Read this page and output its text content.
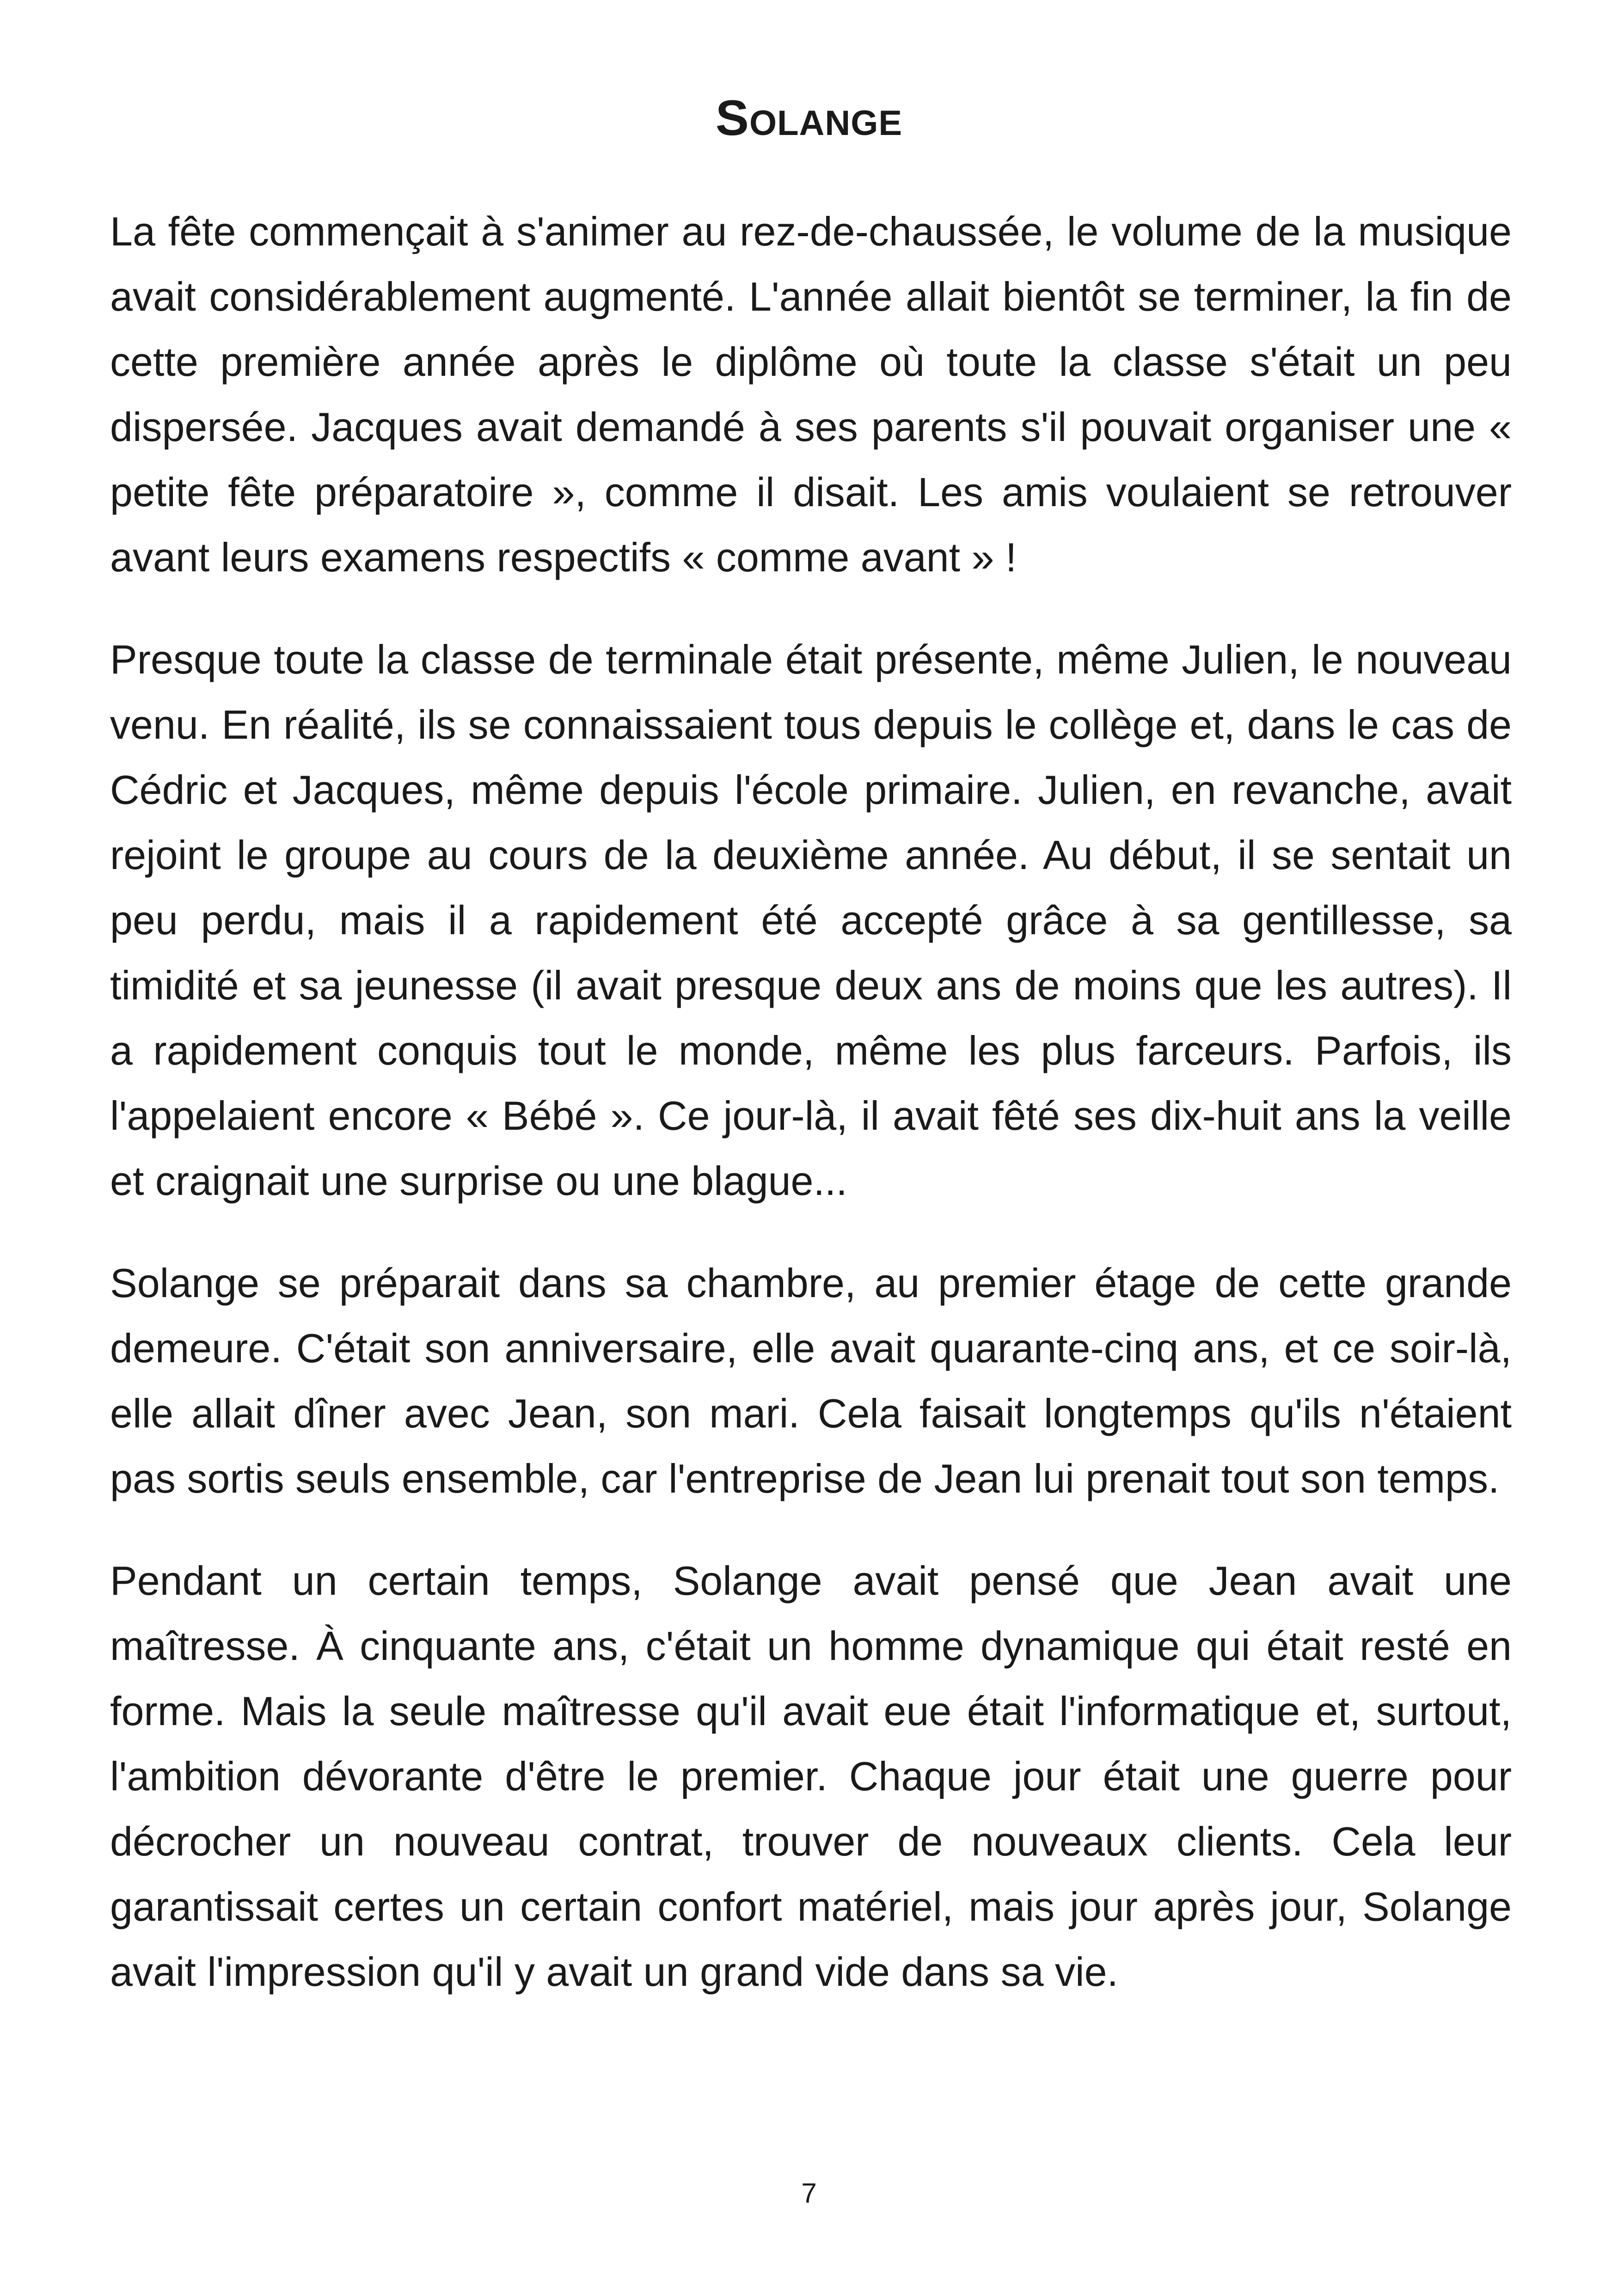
Solange

La fête commençait à s'animer au rez-de-chaussée, le volume de la musique avait considérablement augmenté. L'année allait bientôt se terminer, la fin de cette première année après le diplôme où toute la classe s'était un peu dispersée. Jacques avait demandé à ses parents s'il pouvait organiser une « petite fête préparatoire », comme il disait. Les amis voulaient se retrouver avant leurs examens respectifs « comme avant » !

Presque toute la classe de terminale était présente, même Julien, le nouveau venu. En réalité, ils se connaissaient tous depuis le collège et, dans le cas de Cédric et Jacques, même depuis l'école primaire. Julien, en revanche, avait rejoint le groupe au cours de la deuxième année. Au début, il se sentait un peu perdu, mais il a rapidement été accepté grâce à sa gentillesse, sa timidité et sa jeunesse (il avait presque deux ans de moins que les autres). Il a rapidement conquis tout le monde, même les plus farceurs. Parfois, ils l'appelaient encore « Bébé ». Ce jour-là, il avait fêté ses dix-huit ans la veille et craignait une surprise ou une blague...

Solange se préparait dans sa chambre, au premier étage de cette grande demeure. C'était son anniversaire, elle avait quarante-cinq ans, et ce soir-là, elle allait dîner avec Jean, son mari. Cela faisait longtemps qu'ils n'étaient pas sortis seuls ensemble, car l'entreprise de Jean lui prenait tout son temps.

Pendant un certain temps, Solange avait pensé que Jean avait une maîtresse. À cinquante ans, c'était un homme dynamique qui était resté en forme. Mais la seule maîtresse qu'il avait eue était l'informatique et, surtout, l'ambition dévorante d'être le premier. Chaque jour était une guerre pour décrocher un nouveau contrat, trouver de nouveaux clients. Cela leur garantissait certes un certain confort matériel, mais jour après jour, Solange avait l'impression qu'il y avait un grand vide dans sa vie.

7
